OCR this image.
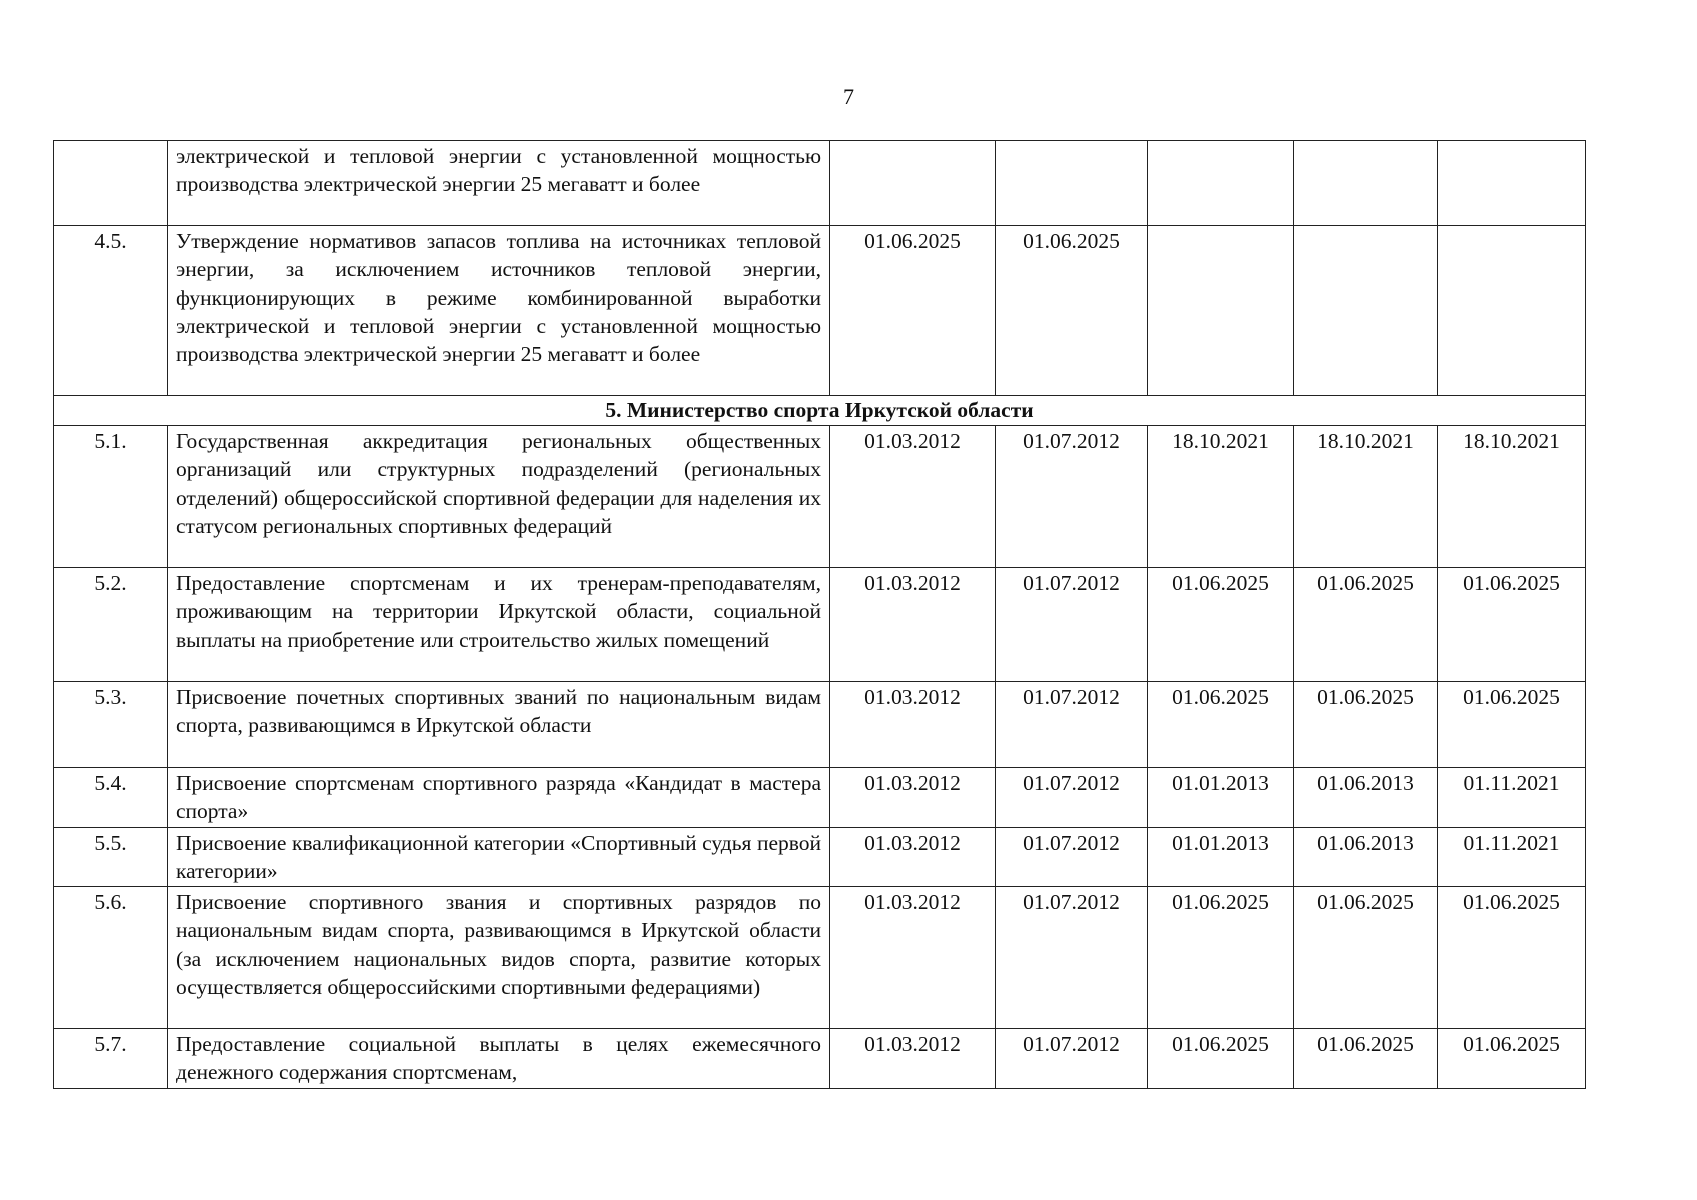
7
	электрической и тепловой энергии с установленной мощностью производства электрической энергии 25 мегаватт и более					
4.5.	Утверждение нормативов запасов топлива на источниках тепловой энергии, за исключением источников тепловой энергии, функционирующих в режиме комбинированной выработки электрической и тепловой энергии с установленной мощностью производства электрической энергии 25 мегаватт и более	01.06.2025	01.06.2025			
5. Министерство спорта Иркутской области						
5.1.	Государственная аккредитация региональных общественных организаций или структурных подразделений (региональных отделений) общероссийской спортивной федерации для наделения их статусом региональных спортивных федераций	01.03.2012	01.07.2012	18.10.2021	18.10.2021	18.10.2021
5.2.	Предоставление спортсменам и их тренерам-преподавателям, проживающим на территории Иркутской области, социальной выплаты на приобретение или строительство жилых помещений	01.03.2012	01.07.2012	01.06.2025	01.06.2025	01.06.2025
5.3.	Присвоение почетных спортивных званий по национальным видам спорта, развивающимся в Иркутской области	01.03.2012	01.07.2012	01.06.2025	01.06.2025	01.06.2025
5.4.	Присвоение спортсменам спортивного разряда «Кандидат в мастера спорта»	01.03.2012	01.07.2012	01.01.2013	01.06.2013	01.11.2021
5.5.	Присвоение квалификационной категории «Спортивный судья первой категории»	01.03.2012	01.07.2012	01.01.2013	01.06.2013	01.11.2021
5.6.	Присвоение спортивного звания и спортивных разрядов по национальным видам спорта, развивающимся в Иркутской области (за исключением национальных видов спорта, развитие которых осуществляется общероссийскими спортивными федерациями)	01.03.2012	01.07.2012	01.06.2025	01.06.2025	01.06.2025
5.7.	Предоставление социальной выплаты в целях ежемесячного денежного содержания спортсменам,	01.03.2012	01.07.2012	01.06.2025	01.06.2025	01.06.2025
